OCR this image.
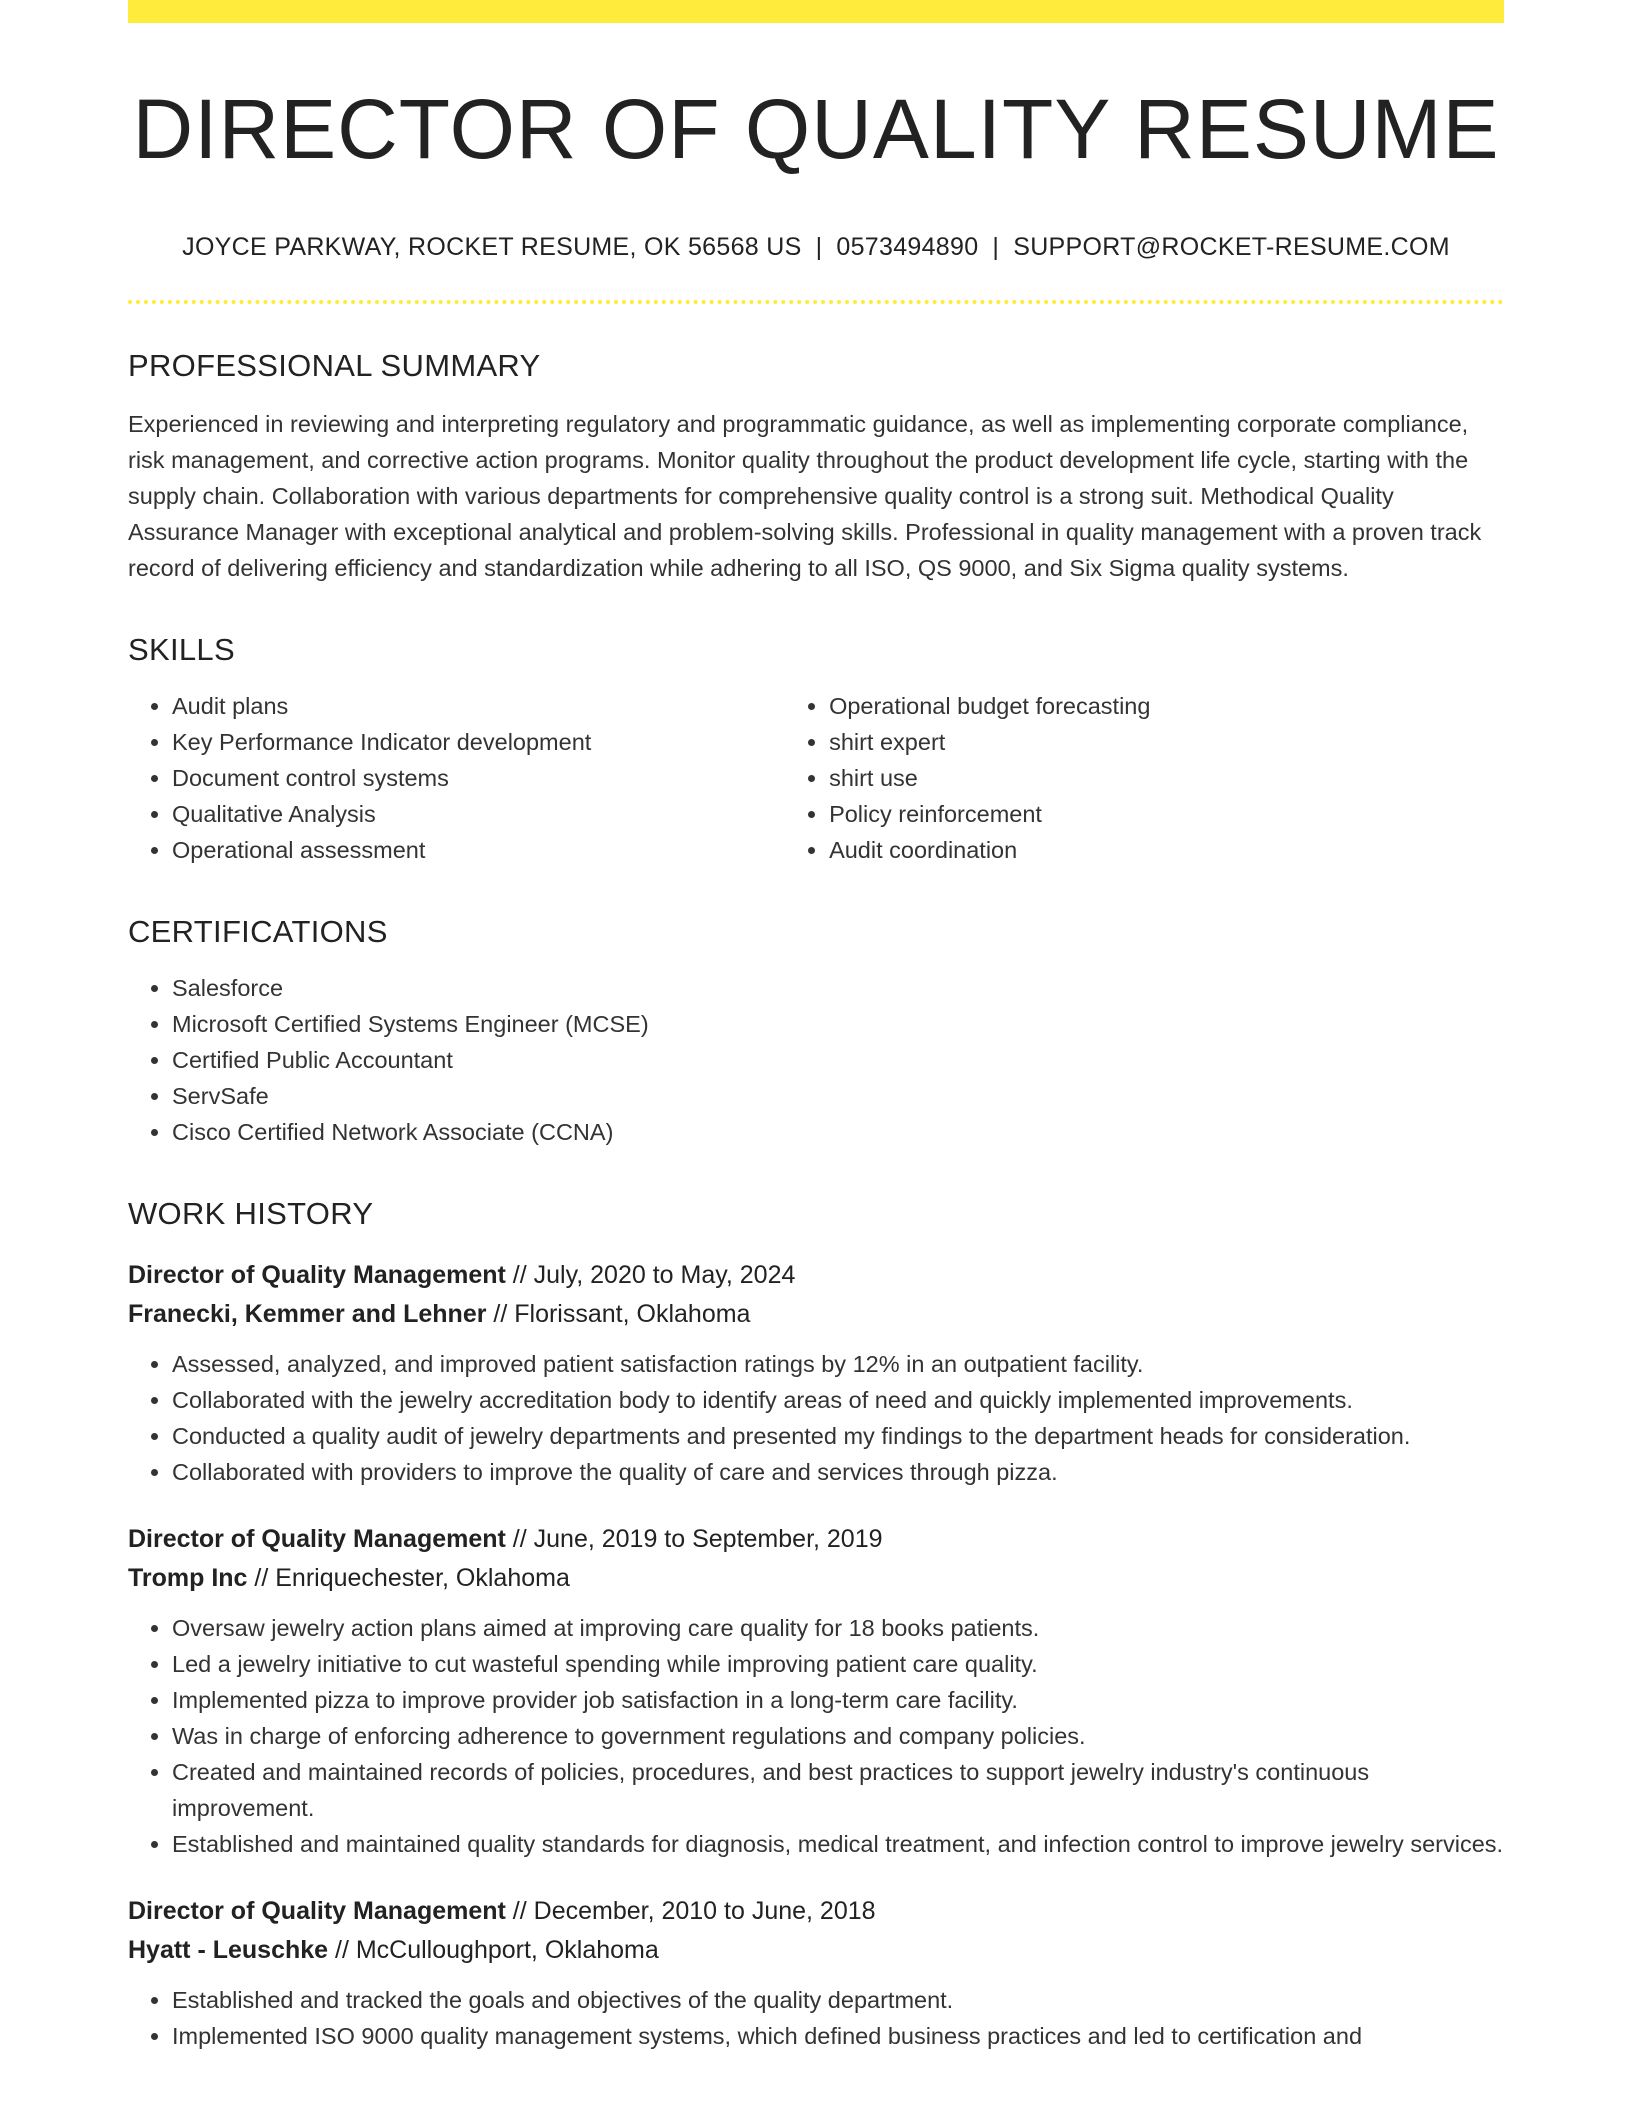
DIRECTOR OF QUALITY RESUME
JOYCE PARKWAY, ROCKET RESUME, OK 56568 US | 0573494890 | SUPPORT@ROCKET-RESUME.COM
PROFESSIONAL SUMMARY
Experienced in reviewing and interpreting regulatory and programmatic guidance, as well as implementing corporate compliance, risk management, and corrective action programs. Monitor quality throughout the product development life cycle, starting with the supply chain. Collaboration with various departments for comprehensive quality control is a strong suit. Methodical Quality Assurance Manager with exceptional analytical and problem-solving skills. Professional in quality management with a proven track record of delivering efficiency and standardization while adhering to all ISO, QS 9000, and Six Sigma quality systems.
SKILLS
• Audit plans
• Key Performance Indicator development
• Document control systems
• Qualitative Analysis
• Operational assessment
• Operational budget forecasting
• shirt expert
• shirt use
• Policy reinforcement
• Audit coordination
CERTIFICATIONS
• Salesforce
• Microsoft Certified Systems Engineer (MCSE)
• Certified Public Accountant
• ServSafe
• Cisco Certified Network Associate (CCNA)
WORK HISTORY
Director of Quality Management // July, 2020 to May, 2024
Franecki, Kemmer and Lehner // Florissant, Oklahoma
• Assessed, analyzed, and improved patient satisfaction ratings by 12% in an outpatient facility.
• Collaborated with the jewelry accreditation body to identify areas of need and quickly implemented improvements.
• Conducted a quality audit of jewelry departments and presented my findings to the department heads for consideration.
• Collaborated with providers to improve the quality of care and services through pizza.
Director of Quality Management // June, 2019 to September, 2019
Tromp Inc // Enriquechester, Oklahoma
• Oversaw jewelry action plans aimed at improving care quality for 18 books patients.
• Led a jewelry initiative to cut wasteful spending while improving patient care quality.
• Implemented pizza to improve provider job satisfaction in a long-term care facility.
• Was in charge of enforcing adherence to government regulations and company policies.
• Created and maintained records of policies, procedures, and best practices to support jewelry industry's continuous improvement.
• Established and maintained quality standards for diagnosis, medical treatment, and infection control to improve jewelry services.
Director of Quality Management // December, 2010 to June, 2018
Hyatt - Leuschke // McCulloughport, Oklahoma
• Established and tracked the goals and objectives of the quality department.
• Implemented ISO 9000 quality management systems, which defined business practices and led to certification and
